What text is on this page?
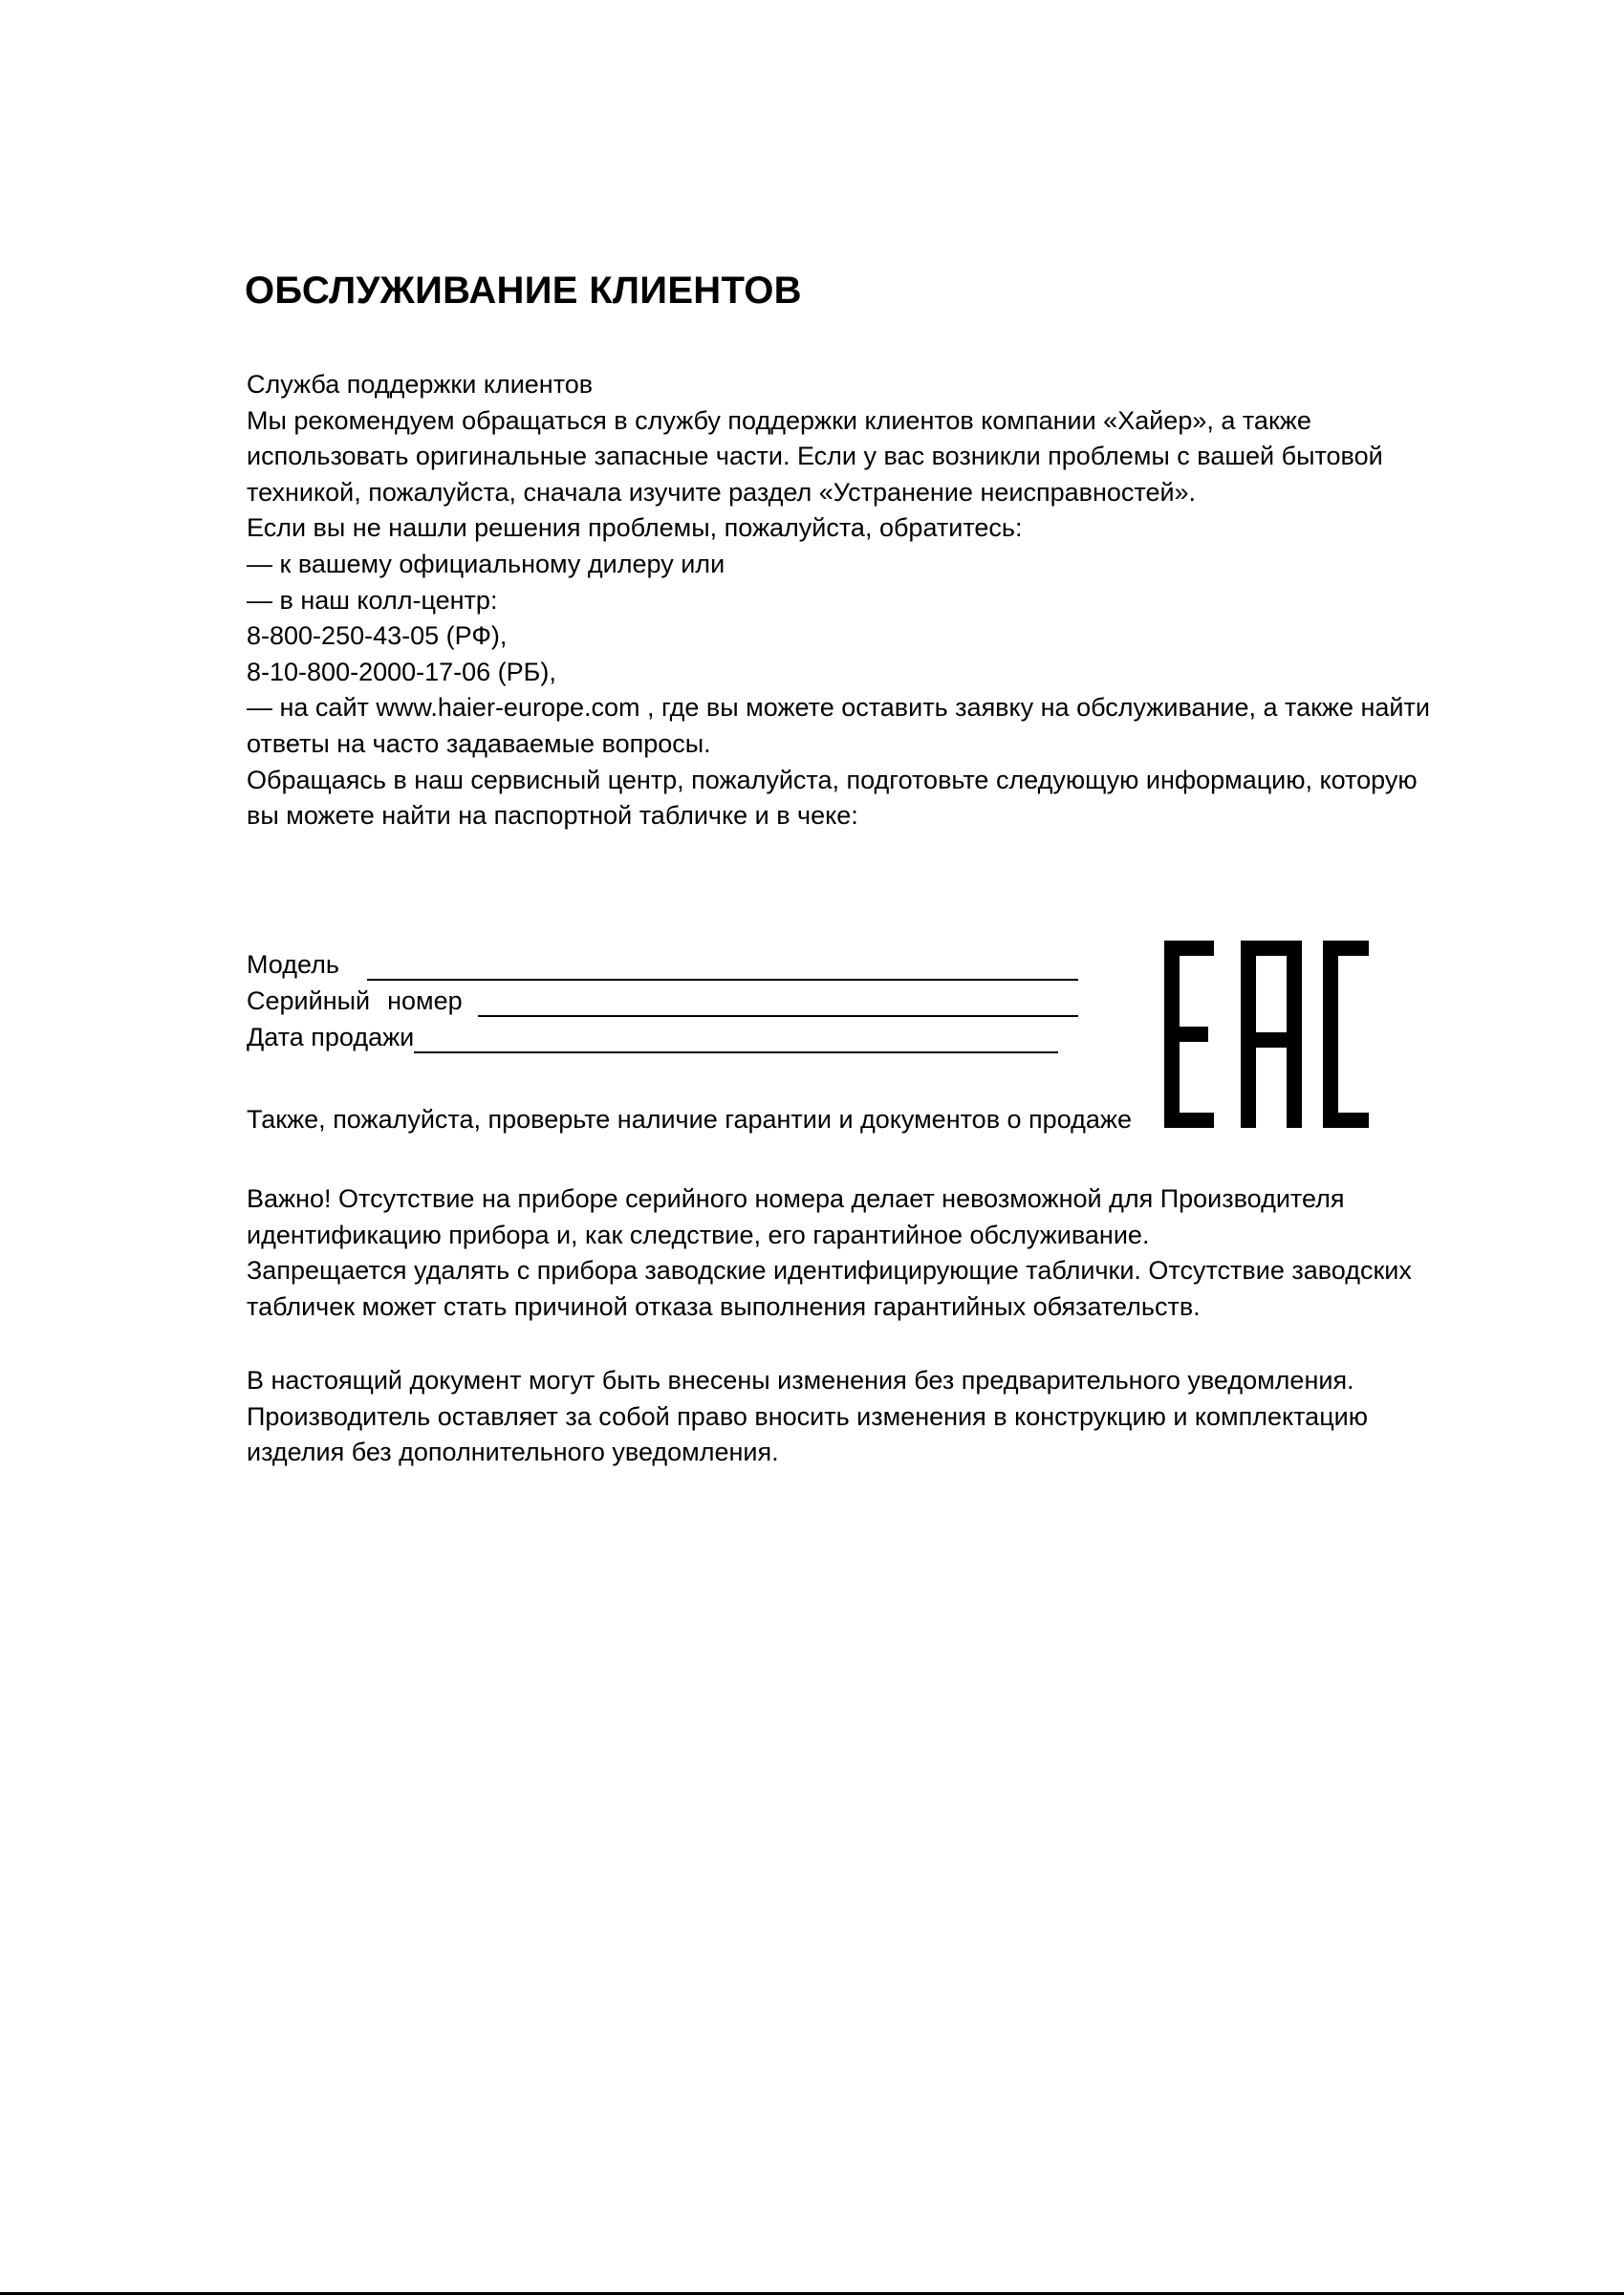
ОБСЛУЖИВАНИЕ КЛИЕНТОВ
Служба поддержки клиентов
Мы рекомендуем обращаться в службу поддержки клиентов компании «Хайер», а также
использовать оригинальные запасные части. Если у вас возникли проблемы с вашей бытовой
техникой, пожалуйста, сначала изучите раздел «Устранение неисправностей».
Если вы не нашли решения проблемы, пожалуйста, обратитесь:
— к вашему официальному дилеру или
— в наш колл-центр:
8-800-250-43-05 (РФ),
8-10-800-2000-17-06 (РБ),
— на сайт www.haier-europe.com , где вы можете оставить заявку на обслуживание, а также найти
ответы на часто задаваемые вопросы.
Обращаясь в наш сервисный центр, пожалуйста, подготовьте следующую информацию, которую
вы можете найти на паспортной табличке и в чеке:
Модель
Серийный номер
Дата продажи
Также, пожалуйста, проверьте наличие гарантии и документов о продаже
Важно! Отсутствие на приборе серийного номера делает невозможной для Производителя
идентификацию прибора и, как следствие, его гарантийное обслуживание.
Запрещается удалять с прибора заводские идентифицирующие таблички. Отсутствие заводских
табличек может стать причиной отказа выполнения гарантийных обязательств.
В настоящий документ могут быть внесены изменения без предварительного уведомления.
Производитель оставляет за собой право вносить изменения в конструкцию и комплектацию
изделия без дополнительного уведомления.
